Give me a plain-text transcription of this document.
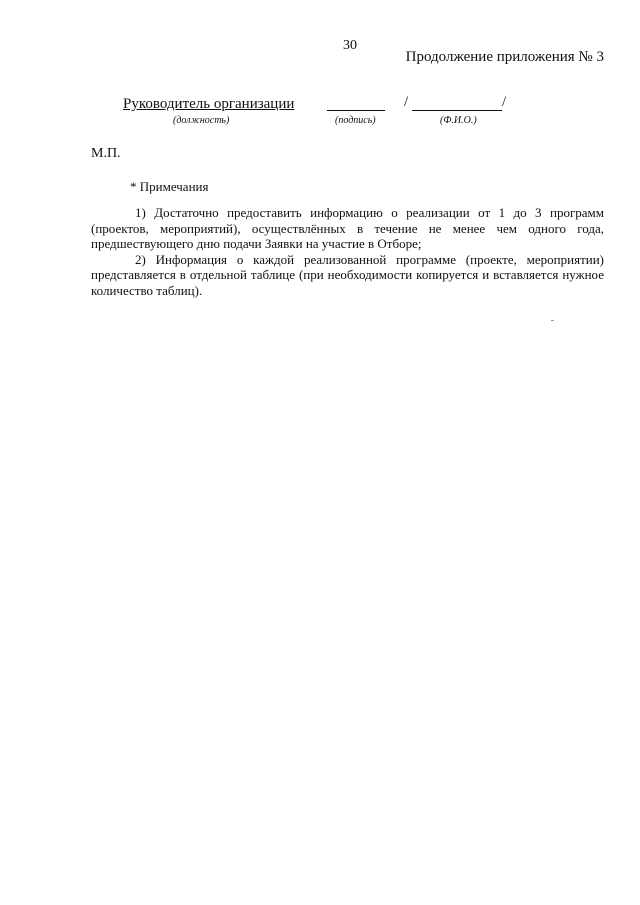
30
Продолжение приложения № 3
Руководитель организации	/	/
(должность)	(подпись)	(Ф.И.О.)
М.П.
* Примечания

1) Достаточно предоставить информацию о реализации от 1 до 3 программ (проектов, мероприятий), осуществлённых в течение не менее чем одного года, предшествующего дню подачи Заявки на участие в Отборе;

2) Информация о каждой реализованной программе (проекте, мероприятии) представляется в отдельной таблице (при необходимости копируется и вставляется нужное количество таблиц).
